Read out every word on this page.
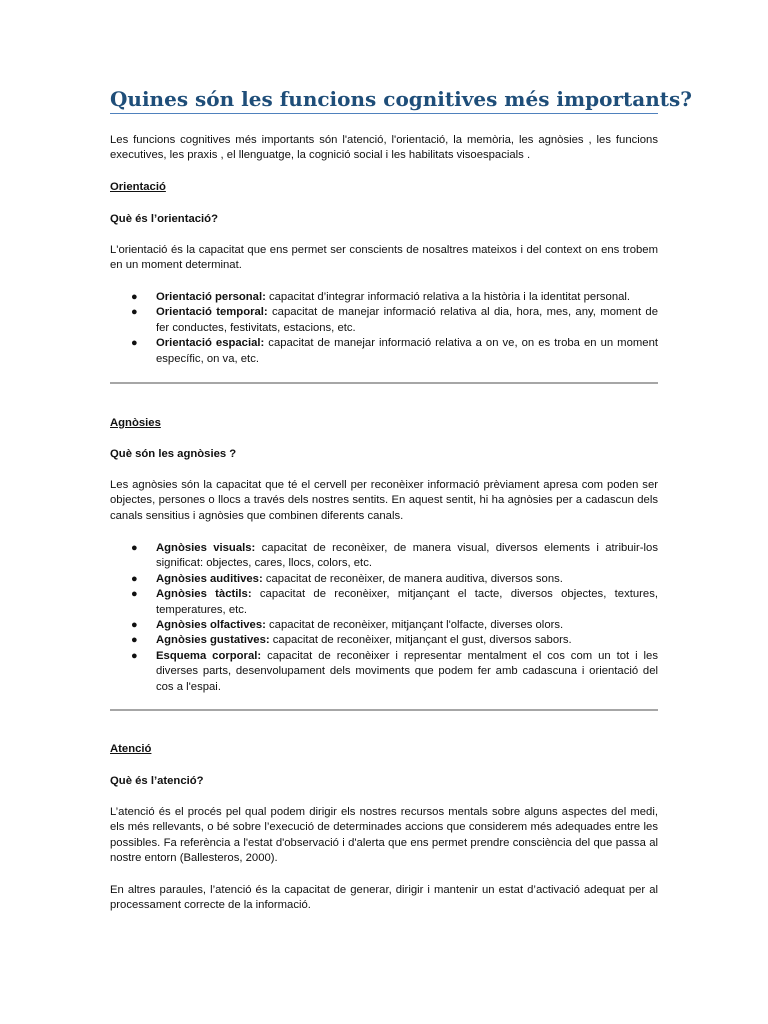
Quines són les funcions cognitives més importants?

Les funcions cognitives més importants són l'atenció, l'orientació, la memòria, les agnòsies , les funcions executives, les praxis , el llenguatge, la cognició social i les habilitats visoespacials .

Orientació

Què és l’orientació?

L'orientació és la capacitat que ens permet ser conscients de nosaltres mateixos i del context on ens trobem en un moment determinat.

● Orientació personal: capacitat d’integrar informació relativa a la història i la identitat personal.
● Orientació temporal: capacitat de manejar informació relativa al dia, hora, mes, any, moment de fer conductes, festivitats, estacions, etc.
● Orientació espacial: capacitat de manejar informació relativa a on ve, on es troba en un moment específic, on va, etc.

Agnòsies

Què són les agnòsies ?

Les agnòsies són la capacitat que té el cervell per reconèixer informació prèviament apresa com poden ser objectes, persones o llocs a través dels nostres sentits. En aquest sentit, hi ha agnòsies per a cadascun dels canals sensitius i agnòsies que combinen diferents canals.

● Agnòsies visuals: capacitat de reconèixer, de manera visual, diversos elements i atribuir-los significat: objectes, cares, llocs, colors, etc.
● Agnòsies auditives: capacitat de reconèixer, de manera auditiva, diversos sons.
● Agnòsies tàctils: capacitat de reconèixer, mitjançant el tacte, diversos objectes, textures, temperatures, etc.
● Agnòsies olfactives: capacitat de reconèixer, mitjançant l'olfacte, diverses olors.
● Agnòsies gustatives: capacitat de reconèixer, mitjançant el gust, diversos sabors.
● Esquema corporal: capacitat de reconèixer i representar mentalment el cos com un tot i les diverses parts, desenvolupament dels moviments que podem fer amb cadascuna i orientació del cos a l'espai.

Atenció

Què és l’atenció?

L’atenció és el procés pel qual podem dirigir els nostres recursos mentals sobre alguns aspectes del medi, els més rellevants, o bé sobre l’execució de determinades accions que considerem més adequades entre les possibles. Fa referència a l'estat d'observació i d'alerta que ens permet prendre consciència del que passa al nostre entorn (Ballesteros, 2000).

En altres paraules, l’atenció és la capacitat de generar, dirigir i mantenir un estat d’activació adequat per al processament correcte de la informació.
